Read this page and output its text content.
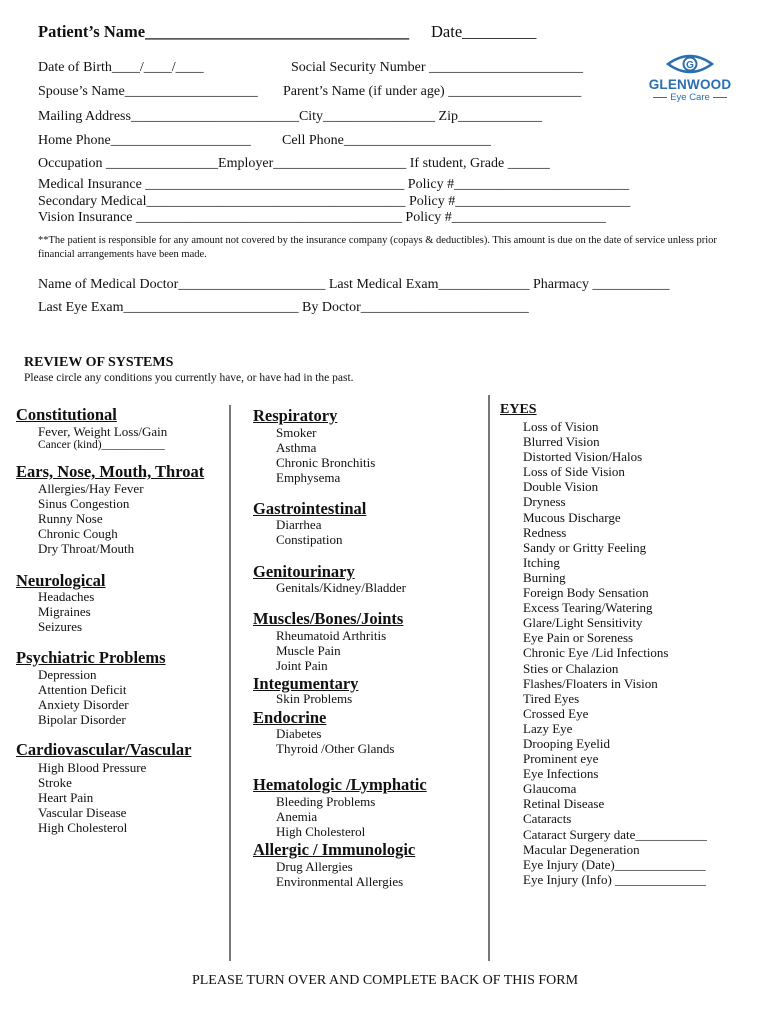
Patient’s Name________________________________ Date_________
Date of Birth____/____/____	Social Security Number ______________________
Spouse’s Name___________________ Parent’s Name (if under age) ___________________
Mailing Address________________________City________________ Zip____________
Home Phone____________________ Cell Phone_____________________
Occupation ________________Employer___________________ If student, Grade ______
Medical Insurance _____________________________________ Policy #_________________________
Secondary Medical_____________________________________ Policy #_________________________
Vision Insurance ______________________________________ Policy #______________________
**The patient is responsible for any amount not covered by the insurance company (copays & deductibles). This amount is due on the date of service unless prior financial arrangements have been made.
Name of Medical Doctor_____________________ Last Medical Exam_____________ Pharmacy ___________
Last Eye Exam_________________________ By Doctor________________________
G
GLENWOOD
Eye Care
REVIEW OF SYSTEMS
Please circle any conditions you currently have, or have had in the past.
Constitutional
Fever, Weight Loss/Gain
Cancer (kind)___________
Ears, Nose, Mouth, Throat
Allergies/Hay Fever
Sinus Congestion
Runny Nose
Chronic Cough
Dry Throat/Mouth
Neurological
Headaches
Migraines
Seizures
Psychiatric Problems
Depression
Attention Deficit
Anxiety Disorder
Bipolar Disorder
Cardiovascular/Vascular
High Blood Pressure
Stroke
Heart Pain
Vascular Disease
High Cholesterol
Respiratory
Smoker
Asthma
Chronic Bronchitis
Emphysema
Gastrointestinal
Diarrhea
Constipation
Genitourinary
Genitals/Kidney/Bladder
Muscles/Bones/Joints
Rheumatoid Arthritis
Muscle Pain
Joint Pain
Integumentary
Skin Problems
Endocrine
Diabetes
Thyroid /Other Glands
Hematologic /Lymphatic
Bleeding Problems
Anemia
High Cholesterol
Allergic / Immunologic
Drug Allergies
Environmental Allergies
EYES
Loss of Vision
Blurred Vision
Distorted Vision/Halos
Loss of Side Vision
Double Vision
Dryness
Mucous Discharge
Redness
Sandy or Gritty Feeling
Itching
Burning
Foreign Body Sensation
Excess Tearing/Watering
Glare/Light Sensitivity
Eye Pain or Soreness
Chronic Eye /Lid Infections
Sties or Chalazion
Flashes/Floaters in Vision
Tired Eyes
Crossed Eye
Lazy Eye
Drooping Eyelid
Prominent eye
Eye Infections
Glaucoma
Retinal Disease
Cataracts
Cataract Surgery date___________
Macular Degeneration
Eye Injury (Date)______________
Eye Injury (Info) ______________
PLEASE TURN OVER AND COMPLETE BACK OF THIS FORM
